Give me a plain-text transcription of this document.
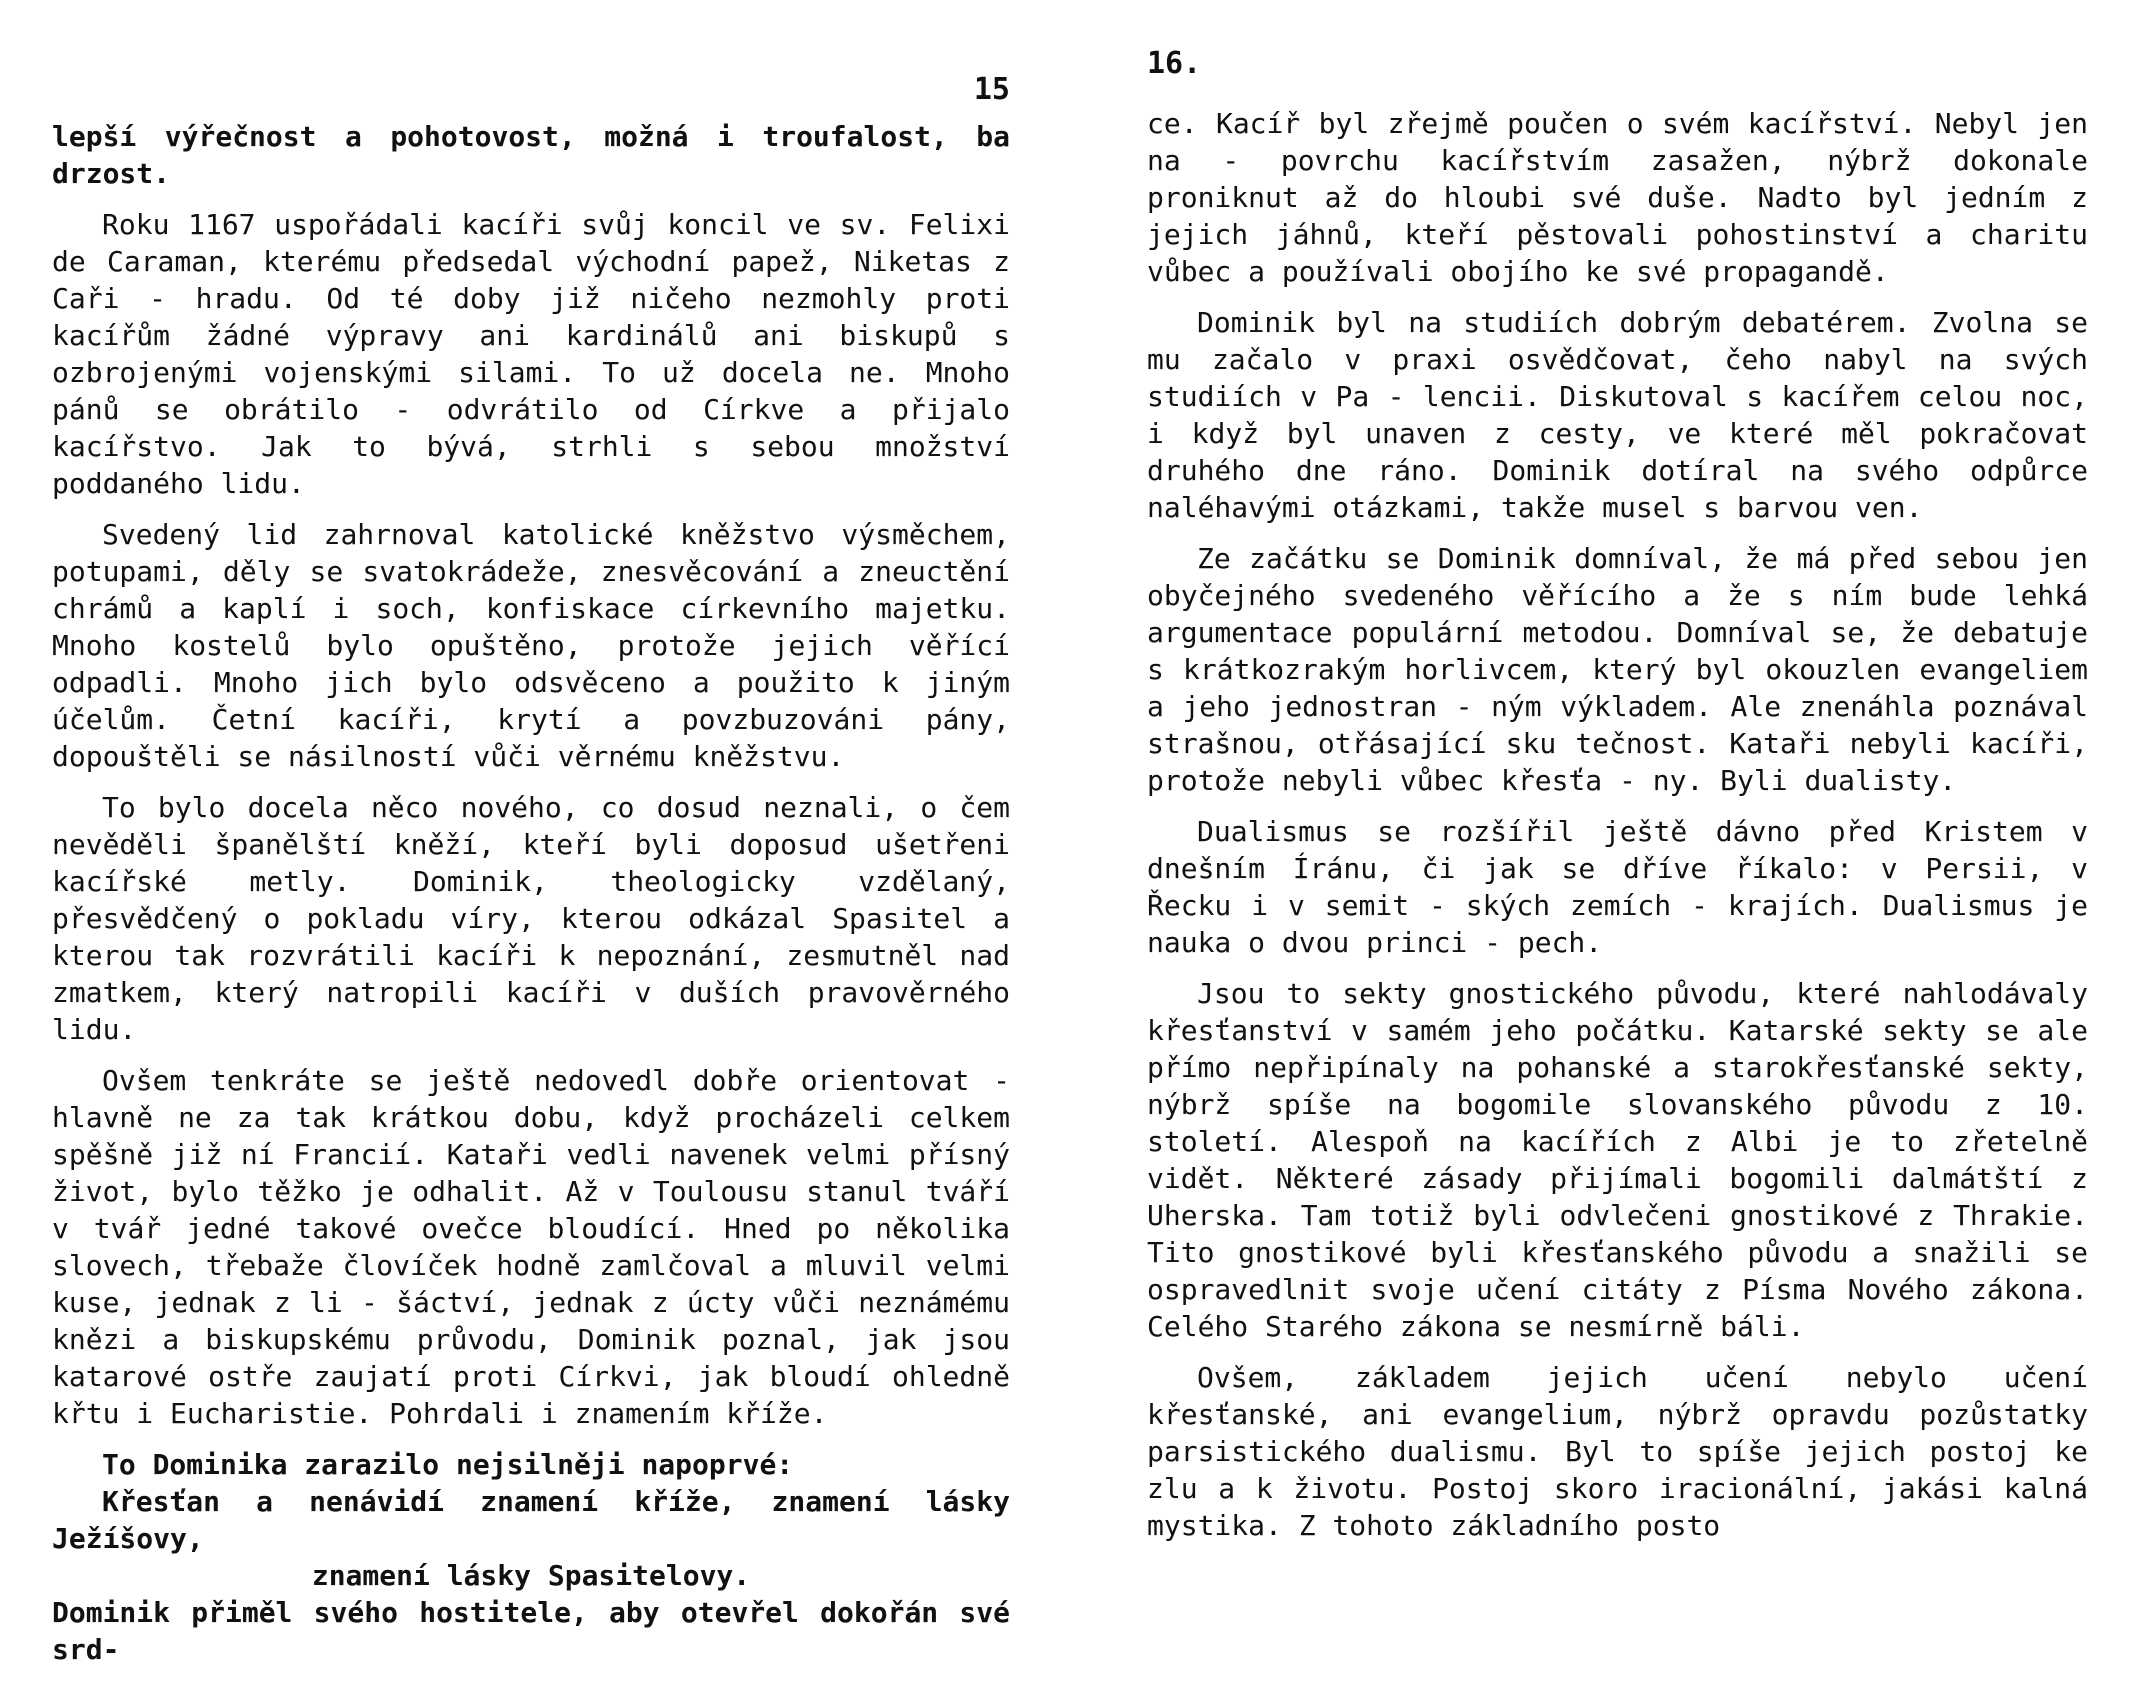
15

lepší výřečnost a pohotovost, možná i troufalost, ba drzost.

Roku 1167 uspořádali kacíři svůj koncil ve sv. Felixi de Caraman, kterému předsedal východní papež, Niketas z Caři - hradu. Od té doby již ničeho nezmohly proti kacířům žádné výpravy ani kardinálů ani biskupů s ozbrojenými vojenskými silami. To už docela ne. Mnoho pánů se obrátilo - odvrátilo od Církve a přijalo kacířstvo. Jak to bývá, strhli s sebou množství poddaného lidu.

Svedený lid zahrnoval katolické kněžstvo výsměchem, potupami, děly se svatokrádeže, znesvěcování a zneuctění chrámů a kaplí i soch, konfiskace církevního majetku. Mnoho kostelů bylo opuštěno, protože jejich věřící odpadli. Mnoho jich bylo odsvěceno a použito k jiným účelům. Četní kacíři, krytí a povzbuzováni pány, dopouštěli se násilností vůči věrnému kněžstvu.

To bylo docela něco nového, co dosud neznali, o čem nevěděli španělští kněží, kteří byli doposud ušetřeni kacířské metly. Dominik, theologicky vzdělaný, přesvědčený o pokladu víry, kterou odkázal Spasitel a kterou tak rozvrátili kacíři k nepoznání, zesmutněl nad zmatkem, který natropili kacíři v duších pravověrného lidu.

Ovšem tenkráte se ještě nedovedl dobře orientovat - hlavně ne za tak krátkou dobu, když procházeli celkem spěšně již ní Francií. Kataři vedli navenek velmi přísný život, bylo těžko je odhalit. Až v Toulousu stanul tváří v tvář jedné takové ovečce bloudící. Hned po několika slovech, třebaže človíček hodně zamlčoval a mluvil velmi kuse, jednak z li - šáctví, jednak z úcty vůči neznámému knězi a biskupskému průvodu, Dominik poznal, jak jsou katarové ostře zaujatí proti Církvi, jak bloudí ohledně křtu i Eucharistie. Pohrdali i znamením kříže.

To Dominika zarazilo nejsilněji napoprvé:

Křesťan a nenávidí znamení kříže, znamení lásky Ježíšovy,

znamení lásky Spasitelovy.

Dominik přiměl svého hostitele, aby otevřel dokořán své srd-

16.

ce. Kacíř byl zřejmě poučen o svém kacířství. Nebyl jen na - povrchu kacířstvím zasažen, nýbrž dokonale proniknut až do hloubi své duše. Nadto byl jedním z jejich jáhnů, kteří pěstovali pohostinství a charitu vůbec a používali obojího ke své propagandě.

Dominik byl na studiích dobrým debatérem. Zvolna se mu začalo v praxi osvědčovat, čeho nabyl na svých studiích v Pa - lencii. Diskutoval s kacířem celou noc, i když byl unaven z cesty, ve které měl pokračovat druhého dne ráno. Dominik dotíral na svého odpůrce naléhavými otázkami, takže musel s barvou ven.

Ze začátku se Dominik domníval, že má před sebou jen obyčejného svedeného věřícího a že s ním bude lehká argumentace populární metodou. Domníval se, že debatuje s krátkozrakým horlivcem, který byl okouzlen evangeliem a jeho jednostran - ným výkladem. Ale znenáhla poznával strašnou, otřásající sku tečnost. Kataři nebyli kacíři, protože nebyli vůbec křesťa - ny. Byli dualisty.

Dualismus se rozšířil ještě dávno před Kristem v dnešním Íránu, či jak se dříve říkalo: v Persii, v Řecku i v semit - ských zemích - krajích. Dualismus je nauka o dvou princi - pech.

Jsou to sekty gnostického původu, které nahlodávaly křesťanství v samém jeho počátku. Katarské sekty se ale přímo nepřipínaly na pohanské a starokřesťanské sekty, nýbrž spíše na bogomile slovanského původu z 10. století. Alespoň na kacířích z Albi je to zřetelně vidět. Některé zásady přijímali bogomili dalmátští z Uherska. Tam totiž byli odvlečeni gnostikové z Thrakie. Tito gnostikové byli křesťanského původu a snažili se ospravedlnit svoje učení citáty z Písma Nového zákona. Celého Starého zákona se nesmírně báli.

Ovšem, základem jejich učení nebylo učení křesťanské, ani evangelium, nýbrž opravdu pozůstatky parsistického dualismu. Byl to spíše jejich postoj ke zlu a k životu. Postoj skoro iracionální, jakási kalná mystika. Z tohoto základního posto
